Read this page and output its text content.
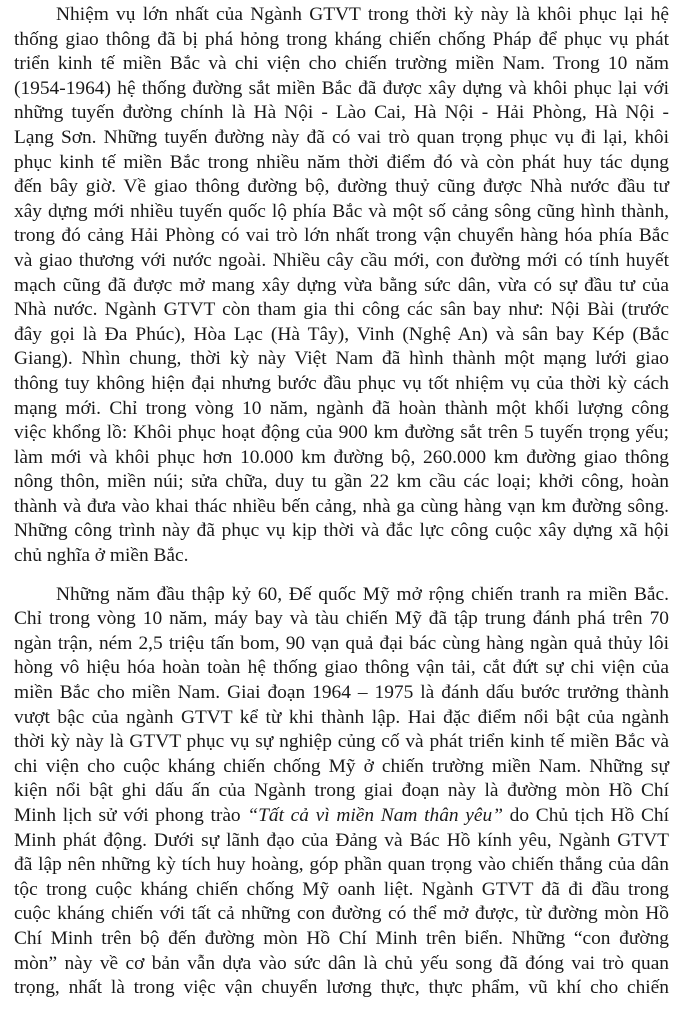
Nhiệm vụ lớn nhất của Ngành GTVT trong thời kỳ này là khôi phục lại hệ
thống giao thông đã bị phá hỏng trong kháng chiến chống Pháp để phục vụ phát
triển kinh tế miền Bắc và chi viện cho chiến trường miền Nam. Trong 10 năm
(1954-1964) hệ thống đường sắt miền Bắc đã được xây dựng và khôi phục lại với
những tuyến đường chính là Hà Nội - Lào Cai, Hà Nội - Hải Phòng, Hà Nội -
Lạng Sơn. Những tuyến đường này đã có vai trò quan trọng phục vụ đi lại, khôi
phục kinh tế miền Bắc trong nhiều năm thời điểm đó và còn phát huy tác dụng
đến bây giờ. Về giao thông đường bộ, đường thuỷ cũng được Nhà nước đầu tư
xây dựng mới nhiều tuyến quốc lộ phía Bắc và một số cảng sông cũng hình thành,
trong đó cảng Hải Phòng có vai trò lớn nhất trong vận chuyển hàng hóa phía Bắc
và giao thương với nước ngoài. Nhiều cây cầu mới, con đường mới có tính huyết
mạch cũng đã được mở mang xây dựng vừa bằng sức dân, vừa có sự đầu tư của
Nhà nước. Ngành GTVT còn tham gia thi công các sân bay như: Nội Bài (trước
đây gọi là Đa Phúc), Hòa Lạc (Hà Tây), Vinh (Nghệ An) và sân bay Kép (Bắc
Giang). Nhìn chung, thời kỳ này Việt Nam đã hình thành một mạng lưới giao
thông tuy không hiện đại nhưng bước đầu phục vụ tốt nhiệm vụ của thời kỳ cách
mạng mới. Chỉ trong vòng 10 năm, ngành đã hoàn thành một khối lượng công
việc khổng lồ: Khôi phục hoạt động của 900 km đường sắt trên 5 tuyến trọng yếu;
làm mới và khôi phục hơn 10.000 km đường bộ, 260.000 km đường giao thông
nông thôn, miền núi; sửa chữa, duy tu gần 22 km cầu các loại; khởi công, hoàn
thành và đưa vào khai thác nhiều bến cảng, nhà ga cùng hàng vạn km đường sông.
Những công trình này đã phục vụ kịp thời và đắc lực công cuộc xây dựng xã hội
chủ nghĩa ở miền Bắc.

Những năm đầu thập kỷ 60, Đế quốc Mỹ mở rộng chiến tranh ra miền Bắc.
Chỉ trong vòng 10 năm, máy bay và tàu chiến Mỹ đã tập trung đánh phá trên 70
ngàn trận, ném 2,5 triệu tấn bom, 90 vạn quả đại bác cùng hàng ngàn quả thủy lôi
hòng vô hiệu hóa hoàn toàn hệ thống giao thông vận tải, cắt đứt sự chi viện của
miền Bắc cho miền Nam. Giai đoạn 1964 – 1975 là đánh dấu bước trưởng thành
vượt bậc của ngành GTVT kể từ khi thành lập. Hai đặc điểm nổi bật của ngành
thời kỳ này là GTVT phục vụ sự nghiệp củng cố và phát triển kinh tế miền Bắc và
chi viện cho cuộc kháng chiến chống Mỹ ở chiến trường miền Nam. Những sự
kiện nổi bật ghi dấu ấn của Ngành trong giai đoạn này là đường mòn Hồ Chí
Minh lịch sử với phong trào “Tất cả vì miền Nam thân yêu” do Chủ tịch Hồ Chí
Minh phát động. Dưới sự lãnh đạo của Đảng và Bác Hồ kính yêu, Ngành GTVT
đã lập nên những kỳ tích huy hoàng, góp phần quan trọng vào chiến thắng của dân
tộc trong cuộc kháng chiến chống Mỹ oanh liệt. Ngành GTVT đã đi đầu trong
cuộc kháng chiến với tất cả những con đường có thể mở được, từ đường mòn Hồ
Chí Minh trên bộ đến đường mòn Hồ Chí Minh trên biển. Những “con đường
mòn” này về cơ bản vẫn dựa vào sức dân là chủ yếu song đã đóng vai trò quan
trọng, nhất là trong việc vận chuyển lương thực, thực phẩm, vũ khí cho chiến
